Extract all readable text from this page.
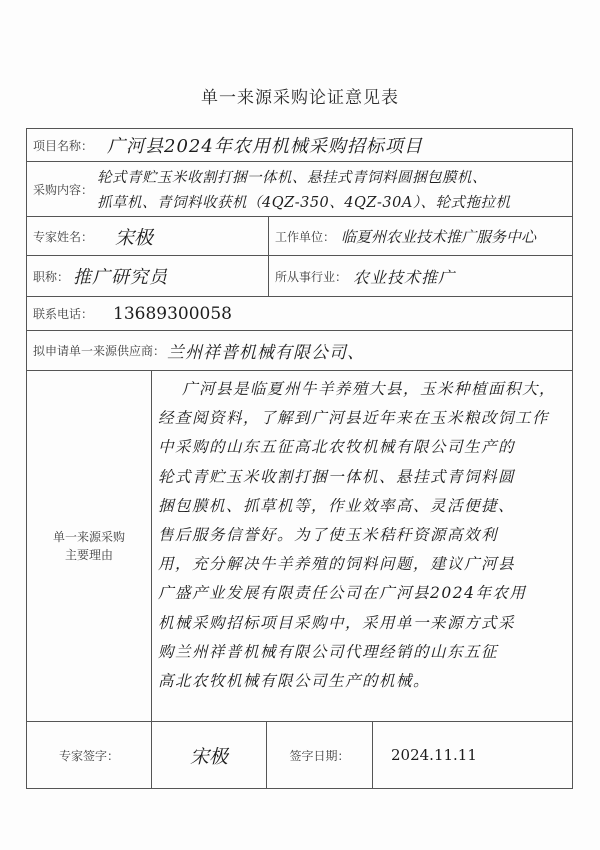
单一来源采购论证意见表
项目名称： 广河县2024年农用机械采购招标项目
采购内容：
轮式青贮玉米收割打捆一体机、悬挂式青饲料圆捆包膜机、
抓草机、青饲料收获机（4QZ-350、4QZ-30A）、轮式拖拉机
专家姓名： 宋极	工作单位： 临夏州农业技术推广服务中心
职称： 推广研究员	所从事行业： 农业技术推广
联系电话： 13689300058
拟申请单一来源供应商： 兰州祥普机械有限公司、
单一来源采购
主要理由
广河县是临夏州牛羊养殖大县，玉米种植面积大，
经查阅资料，了解到广河县近年来在玉米粮改饲工作
中采购的山东五征高北农牧机械有限公司生产的
轮式青贮玉米收割打捆一体机、悬挂式青饲料圆
捆包膜机、抓草机等，作业效率高、灵活便捷、
售后服务信誉好。为了使玉米秸秆资源高效利
用，充分解决牛羊养殖的饲料问题，建议广河县
广盛产业发展有限责任公司在广河县2024年农用
机械采购招标项目采购中，采用单一来源方式采
购兰州祥普机械有限公司代理经销的山东五征
高北农牧机械有限公司生产的机械。
专家签字：	宋极	签字日期：	2024.11.11
